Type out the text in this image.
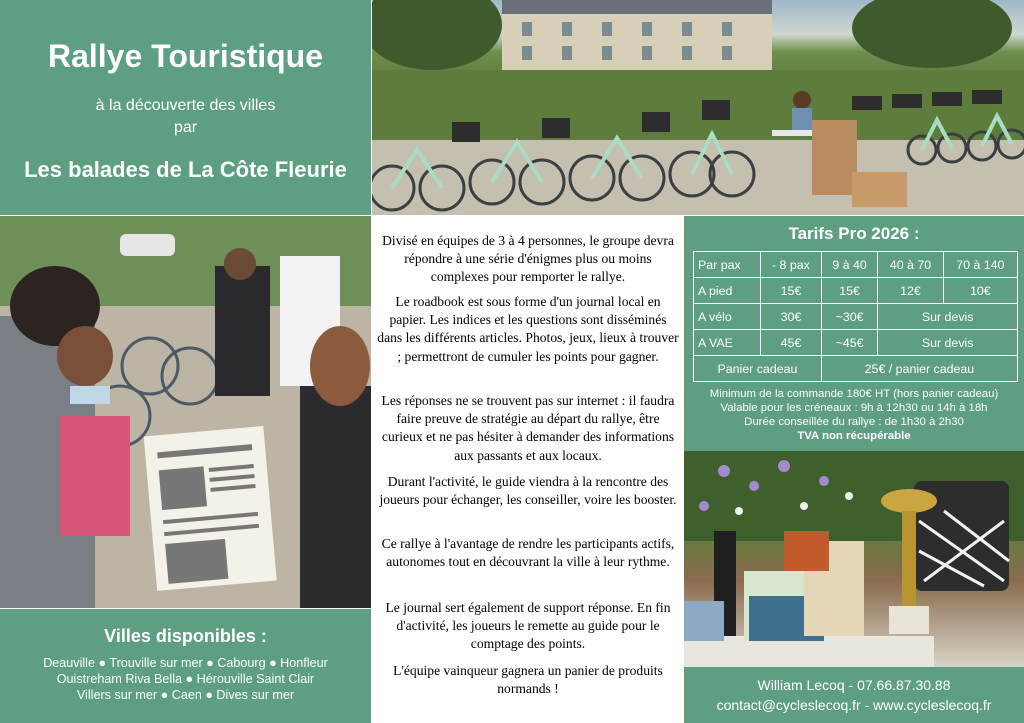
Rallye Touristique
à la découverte des villes
par
Les balades de La Côte Fleurie

Divisé en équipes de 3 à 4 personnes, le groupe devra répondre à une série d'énigmes plus ou moins complexes pour remporter le rallye.

Le roadbook est sous forme d'un journal local en papier. Les indices et les questions sont disséminés dans les différents articles. Photos, jeux, lieux à trouver ; permettront de cumuler les points pour gagner.

Les réponses ne se trouvent pas sur internet : il faudra faire preuve de stratégie au départ du rallye, être curieux et ne pas hésiter à demander des informations aux passants et aux locaux.

Durant l'activité, le guide viendra à la rencontre des joueurs pour échanger, les conseiller, voire les booster.

Ce rallye à l'avantage de rendre les participants actifs, autonomes tout en découvrant la ville à leur rythme.

Le journal sert également de support réponse. En fin d'activité, les joueurs le remette au guide pour le comptage des points.

L'équipe vainqueur gagnera un panier de produits normands !

Tarifs Pro 2026 :
Par pax	- 8 pax	9 à 40	40 à 70	70 à 140
A pied	15€	15€	12€	10€
A vélo	30€	~30€	Sur devis	
A VAE	45€	~45€	Sur devis	
Panier cadeau		25€ / panier cadeau		
Minimum de la commande 180€ HT (hors panier cadeau)
Valable pour les créneaux : 9h à 12h30 ou 14h à 18h
Durée conseillée du rallye : de 1h30 à 2h30
TVA non récupérable
Villes disponibles :
Deauville ● Trouville sur mer ● Cabourg ● Honfleur
Ouistreham Riva Bella ● Hérouville Saint Clair
Villers sur mer ● Caen ● Dives sur mer
William Lecoq - 07.66.87.30.88
contact@cycleslecoq.fr - www.cycleslecoq.fr
